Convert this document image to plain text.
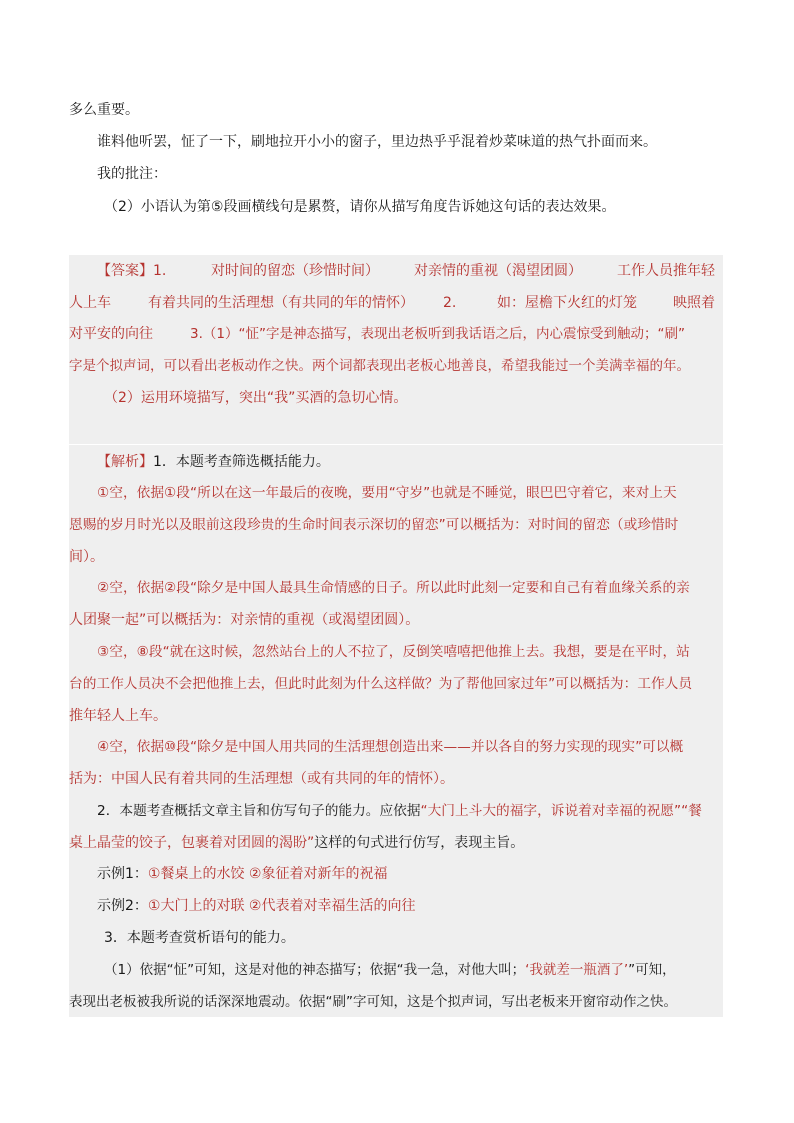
多么重要。
谁料他听罢，怔了一下，刷地拉开小小的窗子，里边热乎乎混着炒菜味道的热气扑面而来。
我的批注：
（2）小语认为第⑤段画横线句是累赘，请你从描写角度告诉她这句话的表达效果。
【答案】1.	对时间的留恋（珍惜时间）	对亲情的重视（渴望团圆）	工作人员推年轻
人上车	有着共同的生活理想（有共同的年的情怀） 2.	如：屋檐下火红的灯笼	映照着
对平安的向往	3.（1）“怔”字是神态描写，表现出老板听到我话语之后，内心震惊受到触动；“刷”
字是个拟声词，可以看出老板动作之快。两个词都表现出老板心地善良，希望我能过一个美满幸福的年。
（2）运用环境描写，突出“我”买酒的急切心情。
【解析】1．本题考查筛选概括能力。
①空，依据①段“所以在这一年最后的夜晚，要用“守岁”也就是不睡觉，眼巴巴守着它，来对上天
恩赐的岁月时光以及眼前这段珍贵的生命时间表示深切的留恋”可以概括为：对时间的留恋（或珍惜时
间）。
②空，依据②段“除夕是中国人最具生命情感的日子。所以此时此刻一定要和自己有着血缘关系的亲
人团聚一起”可以概括为：对亲情的重视（或渴望团圆）。
③空，⑧段“就在这时候，忽然站台上的人不拉了，反倒笑嘻嘻把他推上去。我想，要是在平时，站
台的工作人员决不会把他推上去，但此时此刻为什么这样做？为了帮他回家过年”可以概括为：工作人员
推年轻人上车。
④空，依据⑩段“除夕是中国人用共同的生活理想创造出来——并以各自的努力实现的现实”可以概
括为：中国人民有着共同的生活理想（或有共同的年的情怀）。
2．本题考查概括文章主旨和仿写句子的能力。应依据“大门上斗大的福字，诉说着对幸福的祝愿”“餐
桌上晶莹的饺子，包裹着对团圆的渴盼”这样的句式进行仿写，表现主旨。
示例1：①餐桌上的水饺 ②象征着对新年的祝福
示例2：①大门上的对联 ②代表着对幸福生活的向往
3．本题考查赏析语句的能力。
（1）依据“怔”可知，这是对他的神态描写；依据“我一急，对他大叫；‘我就差一瓶酒了’”可知，
表现出老板被我所说的话深深地震动。依据“刷”字可知，这是个拟声词，写出老板来开窗帘动作之快。
